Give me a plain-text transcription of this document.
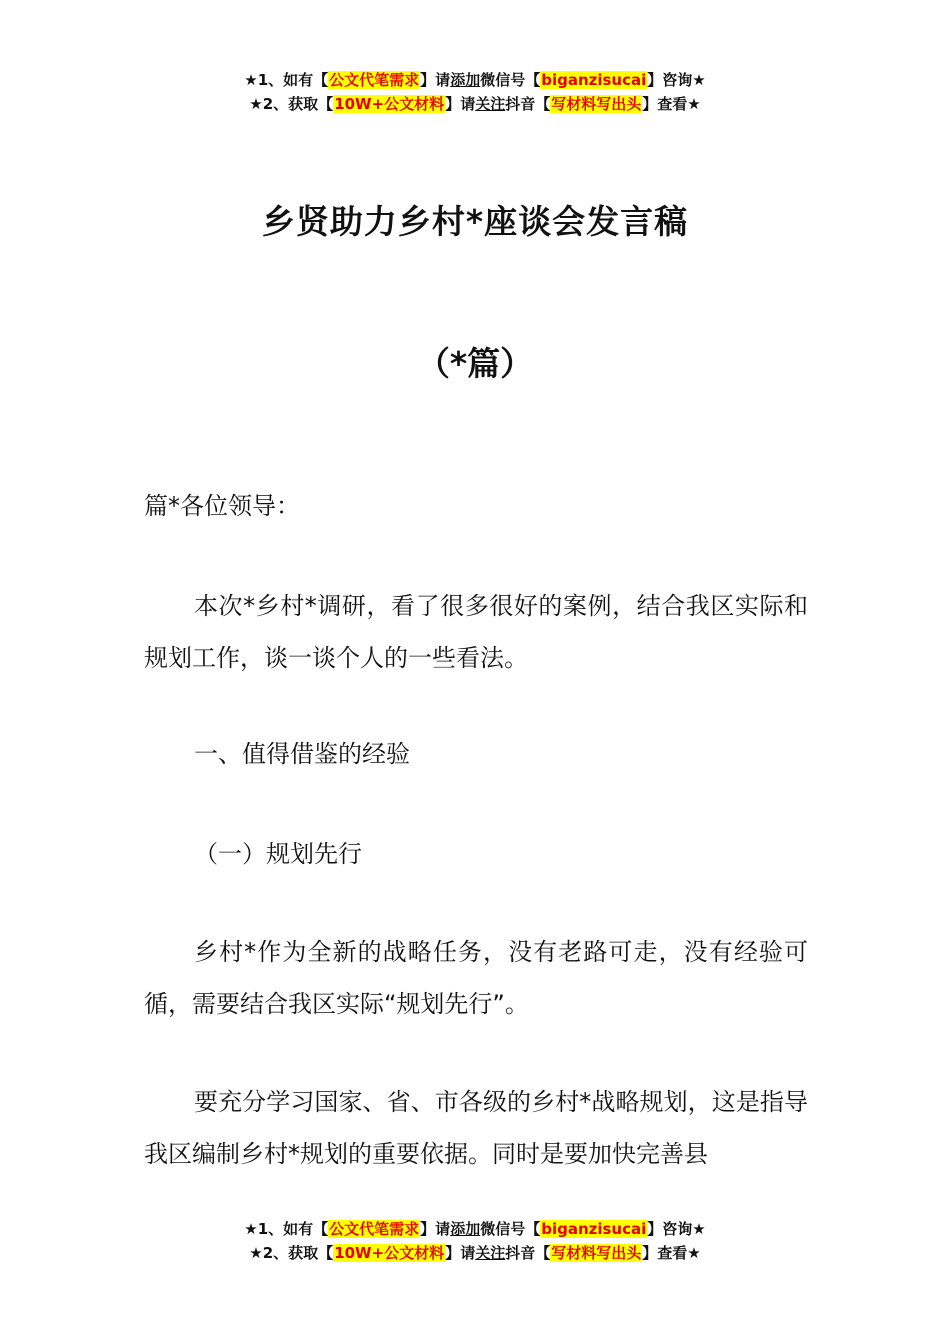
★1、如有【公文代笔需求】请添加微信号【biganzisucai】咨询★
★2、获取【10W+公文材料】请关注抖音【写材料写出头】查看★
乡贤助力乡村*座谈会发言稿
（*篇）
篇*各位领导：
本次*乡村*调研，看了很多很好的案例，结合我区实际和规划工作，谈一谈个人的一些看法。
一、值得借鉴的经验
（一）规划先行
乡村*作为全新的战略任务，没有老路可走，没有经验可循，需要结合我区实际“规划先行”。
要充分学习国家、省、市各级的乡村*战略规划，这是指导我区编制乡村*规划的重要依据。同时是要加快完善县
★1、如有【公文代笔需求】请添加微信号【biganzisucai】咨询★
★2、获取【10W+公文材料】请关注抖音【写材料写出头】查看★
